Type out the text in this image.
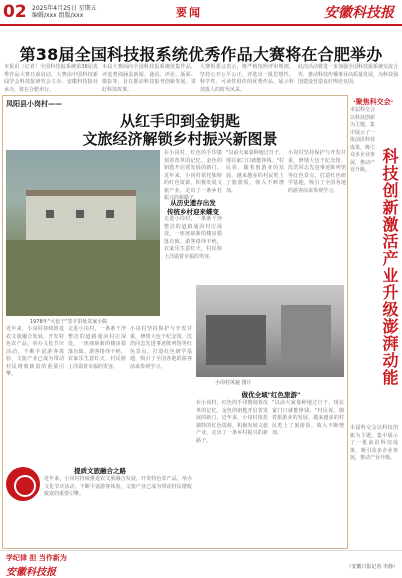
02 2025年4月25日 星期五
编辑/xxx 组版/xxx	要闻	安徽科技报
第38届全国科技报系统优秀作品大赛将在合肥举办
本报讯（记者）全国科技报系统第38届优秀作品大赛日前启动，大赛由中国科技新闻学会科技报研究会主办，安徽科技报社承办，将在合肥举行。
本届大赛面向全国科技报系统征集作品，评选类别涵盖新闻、通讯、评论、版面、摄影等，旨在推动科技报刊创新发展，讲好科技故事。
大赛组委会表示，将严格按照评审规则，坚持公开公平公正，评选出一批思想性、科学性、可读性俱佳的优秀作品，展示科技报人的时代风采。
此次活动将进一步加强全国科技报系统交流合作，推动科技传播事业高质量发展，为科技强国建设营造良好舆论氛围。
凤阳县小岗村——
从红手印到金钥匙
文旅经济解锁乡村振兴新图景
1978年"大包干"签字旧址农家小院
在小岗村，红色的手印镌刻着改革的记忆，金色的钥匙开启着发展的新门。近年来，小岗村依托独特的红色资源，积极发展文旅产业，走出了一条乡村振兴的新路子。
从历史遗存出发
传统乡村迎来蝶变
走进小岗村，一条条干净整洁的道路通向村庄深处，一座座崭新的楼房错落有致。游客络绎不绝，农家乐生意红火，村民脸上洋溢着幸福的笑容。
"以前大家靠种地过日子，现在家门口就能挣钱。"村民说，随着旅游业的发展，越来越多的村民吃上了旅游饭，收入不断增加。
小岗村坚持保护与开发并重，修缮大包干纪念馆、沈浩同志先进事迹陈列馆等红色景点，打造红色研学基地，吸引了全国各地的游客前来参观学习。
近年来，小岗村持续推进农文旅融合发展，开发特色农产品，举办文化节庆活动，不断丰富游客体验，文旅产业已成为带动村民增收致富的重要引擎。
走进小岗村，一条条干净整洁的道路通向村庄深处，一座座崭新的楼房错落有致。游客络绎不绝，农家乐生意红火，村民脸上洋溢着幸福的笑容。
小岗村坚持保护与开发并重，修缮大包干纪念馆、沈浩同志先进事迹陈列馆等红色景点，打造红色研学基地，吸引了全国各地的游客前来参观学习。
小岗村风貌 图片
做优全域"红色旅游"
在小岗村，红色的手印镌刻着改革的记忆，金色的钥匙开启着发展的新门。近年来，小岗村依托独特的红色资源，积极发展文旅产业，走出了一条乡村振兴的新路子。
"以前大家靠种地过日子，现在家门口就能挣钱。"村民说，随着旅游业的发展，越来越多的村民吃上了旅游饭，收入不断增加。
提质文旅融合之路
近年来，小岗村持续推进农文旅融合发展，开发特色农产品，举办文化节庆活动，不断丰富游客体验，文旅产业已成为带动村民增收致富的重要引擎。
学纪律 担 当作新为
安徽科技报
·聚焦科交会·
本届科交会以科技创新为主题，集中展示了一批前沿科技成果，吸引众多企业参展，推动产业升级。 科技创新激活产业升级澎湃动能
本届科交会以科技创新为主题，集中展示了一批前沿科技成果，吸引众多企业参展，推动产业升级。
（安徽日报记者 李静）
